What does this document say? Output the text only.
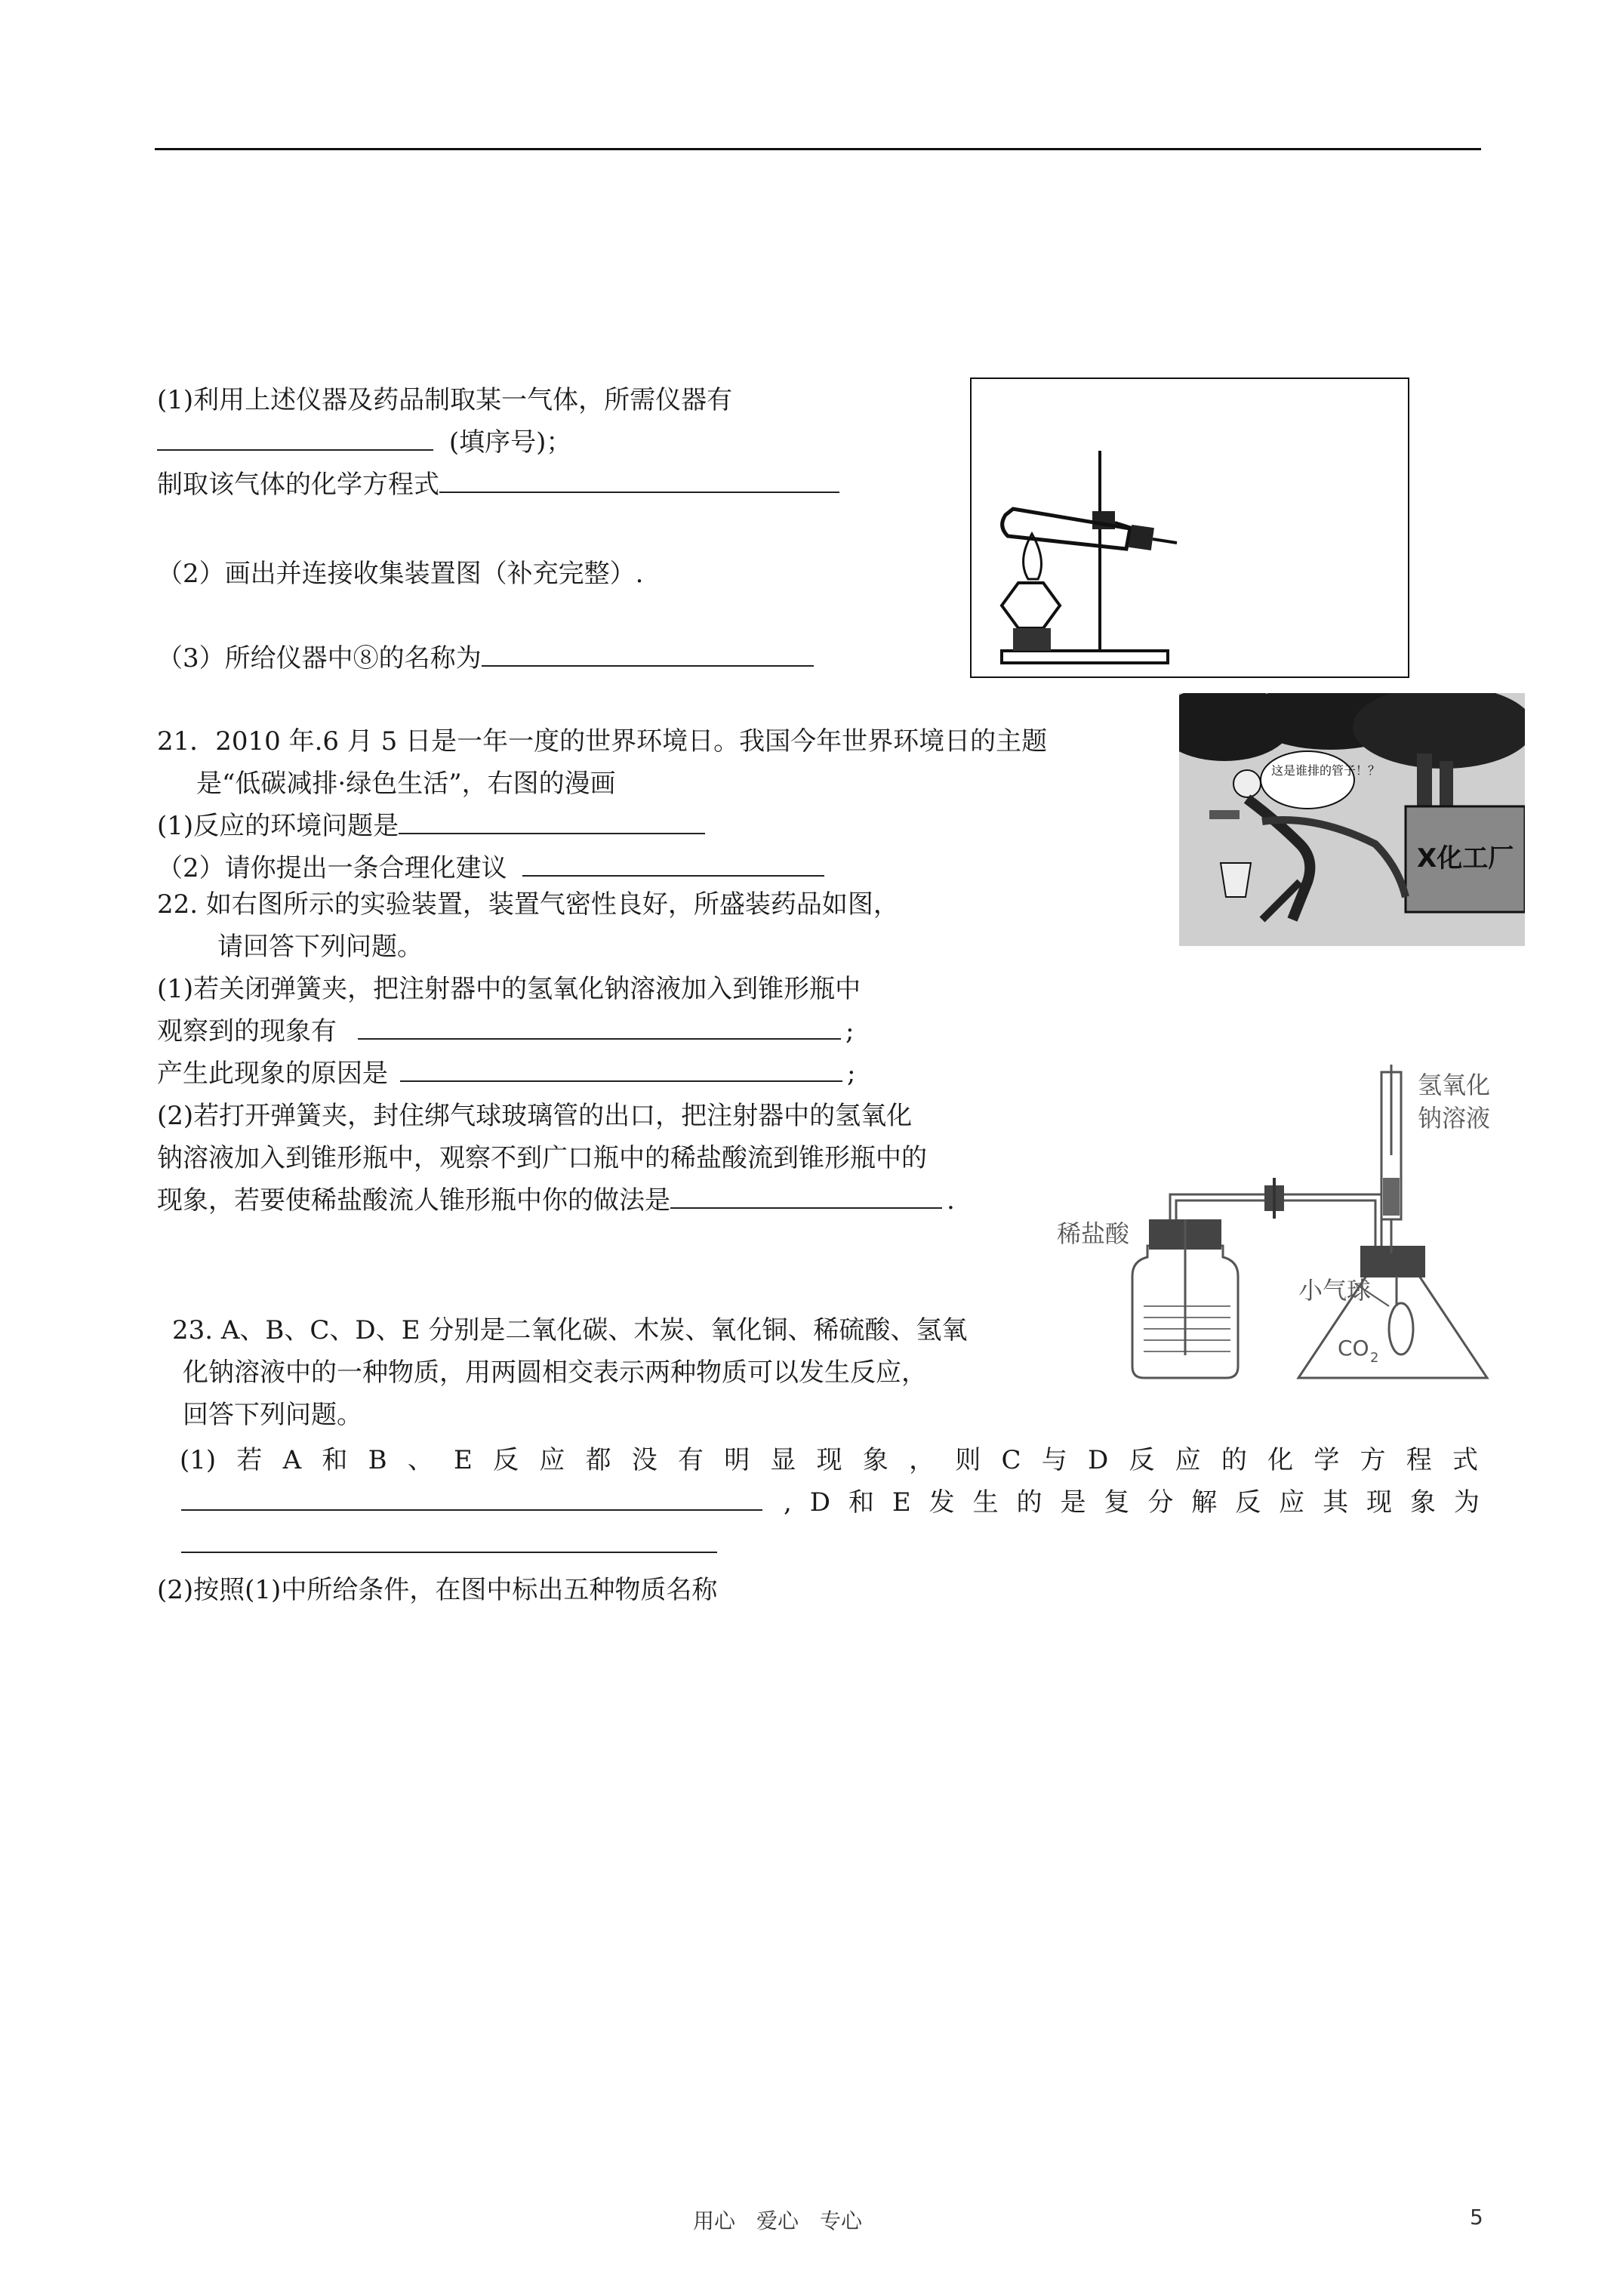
(1)利用上述仪器及药品制取某一气体，所需仪器有
(填序号)；
制取该气体的化学方程式
（2）画出并连接收集装置图（补充完整）.
（3）所给仪器中⑧的名称为
21．2010 年.6 月 5 日是一年一度的世界环境日。我国今年世界环境日的主题
是“低碳减排·绿色生活”，右图的漫画
(1)反应的环境问题是
（2）请你提出一条合理化建议	X化工厂
这是谁排的管子！？
22. 如右图所示的实验装置，装置气密性良好，所盛装药品如图，
请回答下列问题。
(1)若关闭弹簧夹，把注射器中的氢氧化钠溶液加入到锥形瓶中
观察到的现象有	;
产生此现象的原因是	;
(2)若打开弹簧夹，封住绑气球玻璃管的出口，把注射器中的氢氧化
钠溶液加入到锥形瓶中，观察不到广口瓶中的稀盐酸流到锥形瓶中的
现象，若要使稀盐酸流人锥形瓶中你的做法是	.
氢氧化
钠溶液
稀盐酸
小气球
CO 2
23. A、B、C、D、E 分别是二氧化碳、木炭、氧化铜、稀硫酸、氢氧
化钠溶液中的一种物质，用两圆相交表示两种物质可以发生反应，
回答下列问题。
(1) 若 A 和 B 、 E 反 应 都 没 有 明 显 现 象 ， 则 C 与 D 反 应 的 化 学 方 程 式
, D 和 E 发 生 的 是 复 分 解 反 应 其 现 象 为
(2)按照(1)中所给条件，在图中标出五种物质名称
用心　爱心　专心	5
